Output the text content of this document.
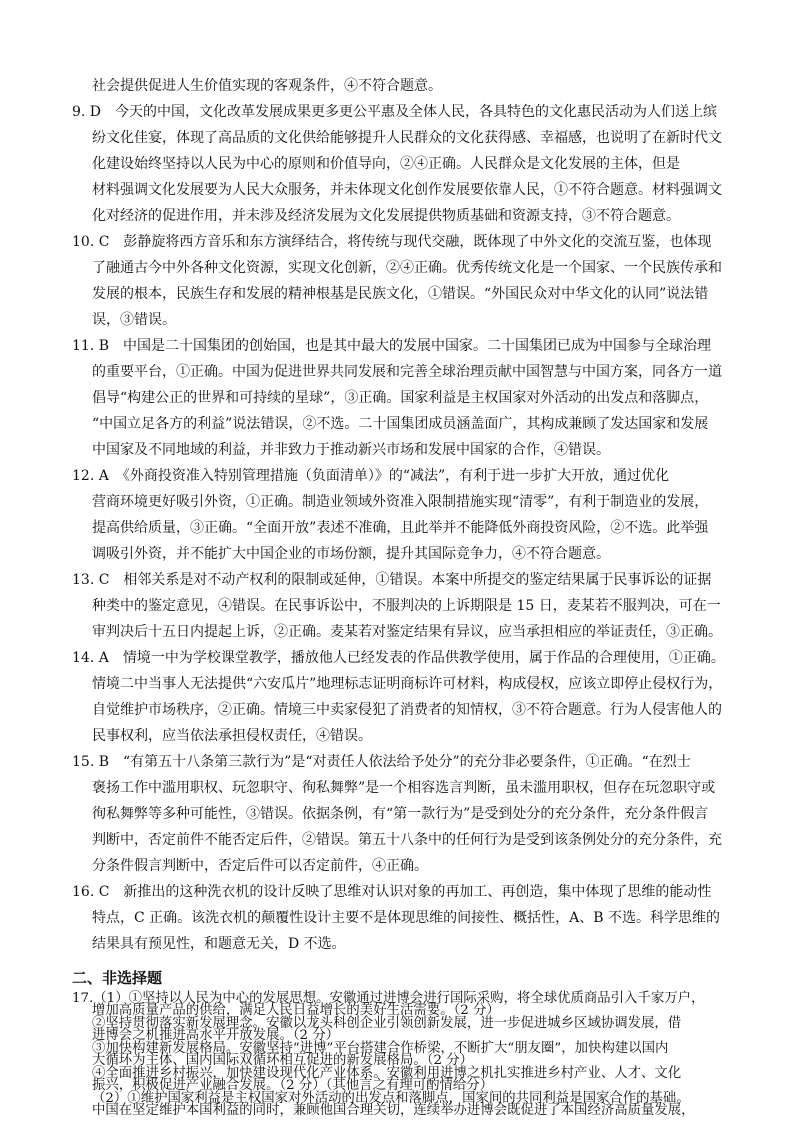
社会提供促进人生价值实现的客观条件，④不符合题意。
9. D　今天的中国，文化改革发展成果更多更公平惠及全体人民，各具特色的文化惠民活动为人们送上缤
纷文化佳宴，体现了高品质的文化供给能够提升人民群众的文化获得感、幸福感，也说明了在新时代文
化建设始终坚持以人民为中心的原则和价值导向，②④正确。人民群众是文化发展的主体，但是
材料强调文化发展要为人民大众服务，并未体现文化创作发展要依靠人民，①不符合题意。材料强调文
化对经济的促进作用，并未涉及经济发展为文化发展提供物质基础和资源支持，③不符合题意。
10. C　彭静旋将西方音乐和东方演绎结合，将传统与现代交融，既体现了中外文化的交流互鉴，也体现
了融通古今中外各种文化资源，实现文化创新，②④正确。优秀传统文化是一个国家、一个民族传承和
发展的根本，民族生存和发展的精神根基是民族文化，①错误。“外国民众对中华文化的认同”说法错
误，③错误。
11. B　中国是二十国集团的创始国，也是其中最大的发展中国家。二十国集团已成为中国参与全球治理
的重要平台，①正确。中国为促进世界共同发展和完善全球治理贡献中国智慧与中国方案，同各方一道
倡导“构建公正的世界和可持续的星球”，③正确。国家利益是主权国家对外活动的出发点和落脚点，
“中国立足各方的利益”说法错误，②不选。二十国集团成员涵盖面广，其构成兼顾了发达国家和发展
中国家及不同地域的利益，并非致力于推动新兴市场和发展中国家的合作，④错误。
12. A　《外商投资准入特别管理措施（负面清单）》的“减法”，有利于进一步扩大开放，通过优化
营商环境更好吸引外资，①正确。制造业领域外资准入限制措施实现“清零”，有利于制造业的发展，
提高供给质量，③正确。“全面开放”表述不准确，且此举并不能降低外商投资风险，②不选。此举强
调吸引外资，并不能扩大中国企业的市场份额，提升其国际竞争力，④不符合题意。
13. C　相邻关系是对不动产权利的限制或延伸，①错误。本案中所提交的鉴定结果属于民事诉讼的证据
种类中的鉴定意见，④错误。在民事诉讼中，不服判决的上诉期限是 15 日，麦某若不服判决，可在一
审判决后十五日内提起上诉，②正确。麦某若对鉴定结果有异议，应当承担相应的举证责任，③正确。
14. A　情境一中为学校课堂教学，播放他人已经发表的作品供教学使用，属于作品的合理使用，①正确。
情境二中当事人无法提供“六安瓜片”地理标志证明商标许可材料，构成侵权，应该立即停止侵权行为，
自觉维护市场秩序，②正确。情境三中卖家侵犯了消费者的知情权，③不符合题意。行为人侵害他人的
民事权利，应当依法承担侵权责任，④错误。
15. B　“有第五十八条第三款行为”是“对责任人依法给予处分”的充分非必要条件，①正确。“在烈士
褒扬工作中滥用职权、玩忽职守、徇私舞弊”是一个相容选言判断，虽未滥用职权，但存在玩忽职守或
徇私舞弊等多种可能性，③错误。依据条例，有“第一款行为”是受到处分的充分条件，充分条件假言
判断中，否定前件不能否定后件，②错误。第五十八条中的任何行为是受到该条例处分的充分条件，充
分条件假言判断中，否定后件可以否定前件，④正确。
16. C　新推出的这种洗衣机的设计反映了思维对认识对象的再加工、再创造，集中体现了思维的能动性
特点，C 正确。该洗衣机的颠覆性设计主要不是体现思维的间接性、概括性，A、B 不选。科学思维的
结果具有预见性，和题意无关，D 不选。
二、非选择题
17.（1）①坚持以人民为中心的发展思想。安徽通过进博会进行国际采购，将全球优质商品引入千家万户，
增加高质量产品的供给，满足人民日益增长的美好生活需要。（2 分）
②坚持贯彻落实新发展理念。安徽以龙头科创企业引领创新发展，进一步促进城乡区域协调发展，借
进博会之机推进高水平开放发展。（2 分）
③加快构建新发展格局。安徽坚持“进博”平台搭建合作桥梁，不断扩大“朋友圈”，加快构建以国内
大循环为主体、国内国际双循环相互促进的新发展格局。（2 分）
④全面推进乡村振兴，加快建设现代化产业体系。安徽利用进博之机扎实推进乡村产业、人才、文化
振兴，积极促进产业融合发展。（2 分）（其他言之有理可酌情给分）
（2）①维护国家利益是主权国家对外活动的出发点和落脚点，国家间的共同利益是国家合作的基础。
中国在坚定维护本国利益的同时，兼顾他国合理关切，连续举办进博会既促进了本国经济高质量发展，
